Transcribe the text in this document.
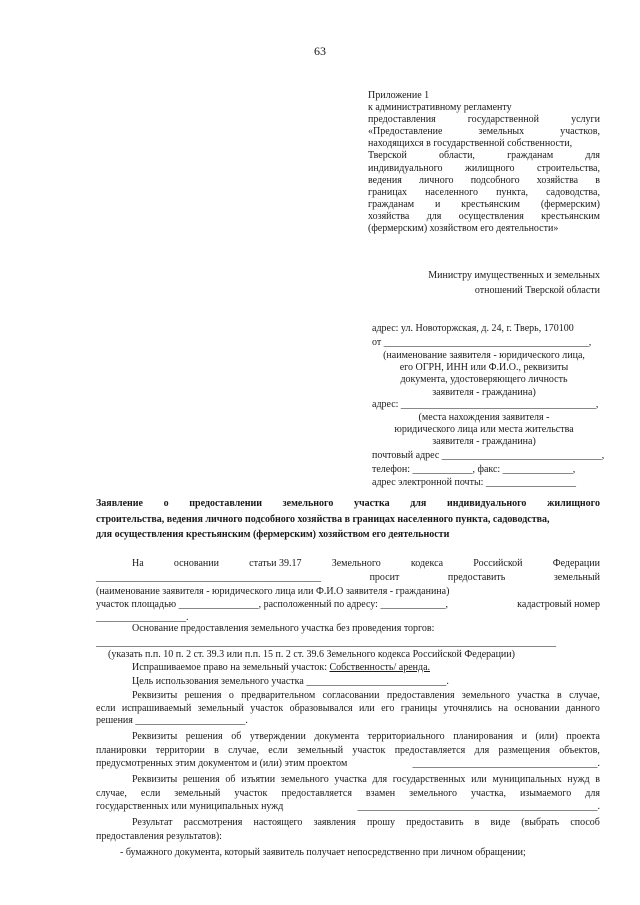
63
Приложение 1
к административному регламенту
предоставления	государственной	услуги
«Предоставление	земельных	участков,
находящихся в государственной собственности,
Тверской	области,	гражданам	для
индивидуального жилищного строительства,
ведения личного подсобного хозяйства в
границах населенного пункта, садоводства,
гражданам и крестьянским (фермерским)
хозяйства для осуществления крестьянским
(фермерским) хозяйством его деятельности»
Министру имущественных и земельных
отношений Тверской области
адрес: ул. Новоторжская, д. 24, г. Тверь, 170100
от _________________________________________,
(наименование заявителя - юридического лица,
его ОГРН, ИНН или Ф.И.О., реквизиты
документа, удостоверяющего личность
заявителя - гражданина)
адрес: _______________________________________,
(места нахождения заявителя -
юридического лица или места жительства
заявителя - гражданина)
почтовый адрес ________________________________,
телефон: ____________, факс: ______________,
адрес электронной почты: __________________
Заявление о предоставлении земельного участка для индивидуального жилищного
строительства, ведения личного подсобного хозяйства в границах населенного пункта, садоводства,
для осуществления крестьянским (фермерским) хозяйством его деятельности
На	основании	статьи 39.17	Земельного	кодекса	Российской	Федерации
_____________________________________________	просит	предоставить	земельный
(наименование заявителя - юридического лица или Ф.И.О заявителя - гражданина)
участок площадью ________________, расположенный по адресу: _____________,	кадастровый номер
__________________.
Основание предоставления земельного участка без проведения торгов:
____________________________________________________________________________________________
(указать п.п. 10 п. 2 ст. 39.3 или п.п. 15 п. 2 ст. 39.6 Земельного кодекса Российской Федерации)
Испрашиваемое право на земельный участок: Собственность/ аренда.
Цель использования земельного участка ____________________________.
Реквизиты решения о предварительном согласовании предоставления земельного участка в случае,
если испрашиваемый земельный участок образовывался или его границы уточнялись на основании данного
решения ______________________.
Реквизиты решения об утверждении документа территориального планирования и (или) проекта
планировки территории в случае, если земельный участок предоставляется для размещения объектов,
предусмотренных этим документом и (или) этим проектом	_____________________________________.
Реквизиты решения об изъятии земельного участка для государственных или муниципальных нужд в
случае, если земельный участок предоставляется взамен земельного участка, изымаемого для
государственных или муниципальных нужд	________________________________________________.
Результат рассмотрения настоящего заявления прошу предоставить в виде (выбрать способ
предоставления результатов):
- бумажного документа, который заявитель получает непосредственно при личном обращении;
